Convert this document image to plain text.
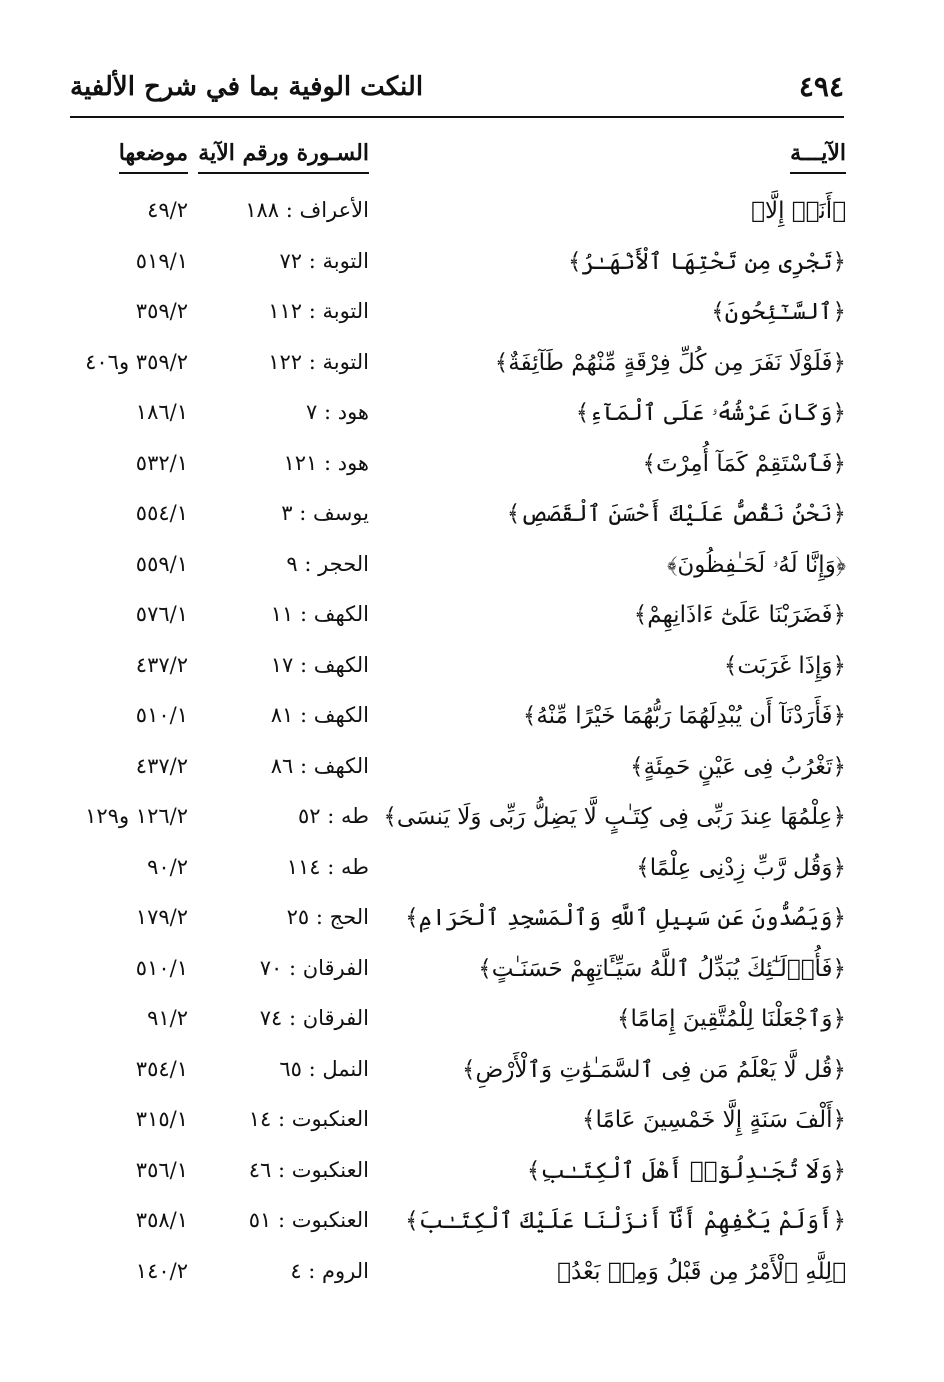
٤٩٤
النكت الوفية بما في شرح الألفية
الآيـــة
السـورة ورقم الآية
موضعها
﴿أَنَا۠ إِلَّا﴾
الأعراف : ١٨٨
٤٩/٢
﴿تَجْرِى مِن تَحْتِهَا ٱلْأَنْهَـٰرُ﴾
التوبة : ٧٢
٥١٩/١
﴿ٱلسَّـٰٓئِحُونَ﴾
التوبة : ١١٢
٣٥٩/٢
﴿فَلَوْلَا نَفَرَ مِن كُلِّ فِرْقَةٍ مِّنْهُمْ طَآئِفَةٌ﴾
التوبة : ١٢٢
٣٥٩/٢ و٤٠٦
﴿وَكَانَ عَرْشُهُۥ عَلَى ٱلْمَآءِ﴾
هود : ٧
١٨٦/١
﴿فَٱسْتَقِمْ كَمَآ أُمِرْتَ﴾
هود : ١٢١
٥٣٢/١
﴿نَحْنُ نَقُصُّ عَلَيْكَ أَحْسَنَ ٱلْقَصَصِ﴾
يوسف : ٣
٥٥٤/١
﴿وَإِنَّا لَهُۥ لَحَـٰفِظُونَ﴾
الحجر : ٩
٥٥٩/١
﴿فَضَرَبْنَا عَلَىٰٓ ءَاذَانِهِمْ﴾
الكهف : ١١
٥٧٦/١
﴿وَإِذَا غَرَبَت﴾
الكهف : ١٧
٤٣٧/٢
﴿فَأَرَدْنَآ أَن يُبْدِلَهُمَا رَبُّهُمَا خَيْرًا مِّنْهُ﴾
الكهف : ٨١
٥١٠/١
﴿تَغْرُبُ فِى عَيْنٍ حَمِئَةٍ﴾
الكهف : ٨٦
٤٣٧/٢
﴿عِلْمُهَا عِندَ رَبِّى فِى كِتَـٰبٍ لَّا يَضِلُّ رَبِّى وَلَا يَنسَى﴾
طه : ٥٢
١٢٦/٢ و١٢٩
﴿وَقُل رَّبِّ زِدْنِى عِلْمًا﴾
طه : ١١٤
٩٠/٢
﴿وَيَصُدُّونَ عَن سَبِيلِ ٱللَّهِ وَٱلْمَسْجِدِ ٱلْحَرَامِ﴾
الحج : ٢٥
١٧٩/٢
﴿فَأُو۟لَـٰٓئِكَ يُبَدِّلُ ٱللَّهُ سَيِّـَٔاتِهِمْ حَسَنَـٰتٍ﴾
الفرقان : ٧٠
٥١٠/١
﴿وَٱجْعَلْنَا لِلْمُتَّقِينَ إِمَامًا﴾
الفرقان : ٧٤
٩١/٢
﴿قُل لَّا يَعْلَمُ مَن فِى ٱلسَّمَـٰوَٰتِ وَٱلْأَرْضِ﴾
النمل : ٦٥
٣٥٤/١
﴿أَلْفَ سَنَةٍ إِلَّا خَمْسِينَ عَامًا﴾
العنكبوت : ١٤
٣١٥/١
﴿وَلَا تُجَـٰدِلُوٓا۟ أَهْلَ ٱلْكِتَـٰبِ﴾
العنكبوت : ٤٦
٣٥٦/١
﴿أَوَلَمْ يَكْفِهِمْ أَنَّآ أَنزَلْنَا عَلَيْكَ ٱلْكِتَـٰبَ﴾
العنكبوت : ٥١
٣٥٨/١
﴿لِلَّهِ ٱلْأَمْرُ مِن قَبْلُ وَمِنۢ بَعْدُ﴾
الروم : ٤
١٤٠/٢
